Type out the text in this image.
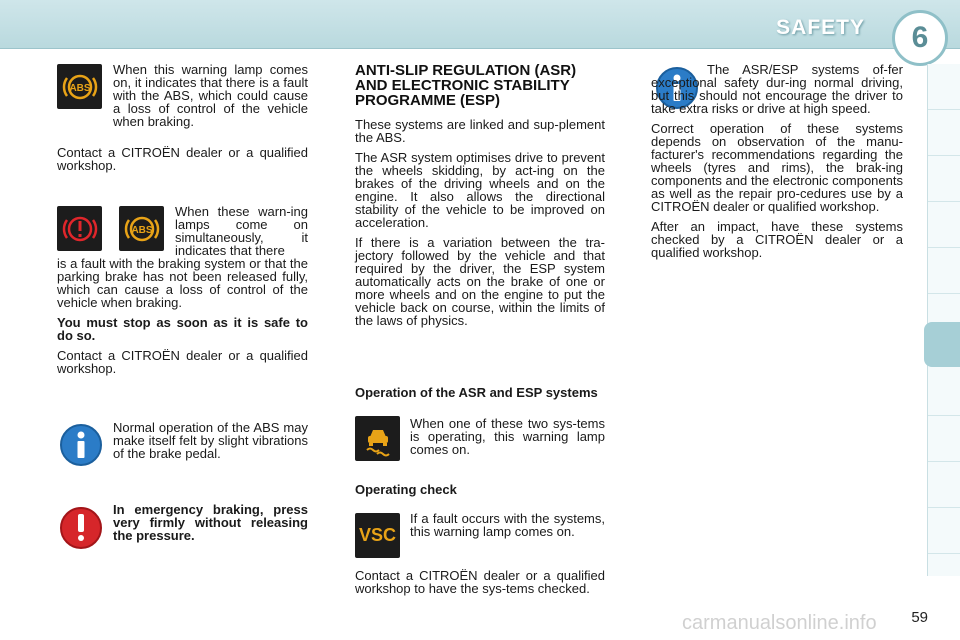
SAFETY	6
ABS

When this warning lamp comes on, it indicates that there is a fault with the ABS, which could cause a loss of control of the vehicle when braking.

Contact a CITROËN dealer or a qualified workshop.

ABS

When these warn-ing lamps come on simultaneously, it indicates that there

is a fault with the braking system or that the parking brake has not been released fully, which can cause a loss of control of the vehicle when braking.

You must stop as soon as it is safe to do so.

Contact a CITROËN dealer or a qualified workshop.

Normal operation of the ABS may make itself felt by slight vibrations of the brake pedal.

In emergency braking, press very firmly without releasing the pressure.

ANTI-SLIP REGULATION (ASR) AND ELECTRONIC STABILITY PROGRAMME (ESP)

These systems are linked and sup-plement the ABS.

The ASR system optimises drive to prevent the wheels skidding, by act-ing on the brakes of the driving wheels and on the engine. It also allows the directional stability of the vehicle to be improved on acceleration.

If there is a variation between the tra-jectory followed by the vehicle and that required by the driver, the ESP system automatically acts on the brake of one or more wheels and on the engine to put the vehicle back on course, within the limits of the laws of physics.

Operation of the ASR and ESP systems

When one of these two sys-tems is operating, this warning lamp comes on.

Operating check
VSC

If a fault occurs with the systems, this warning lamp comes on.

Contact a CITROËN dealer or a qualified workshop to have the sys-tems checked.

The ASR/ESP systems of-fer exceptional safety dur-ing normal driving, but this should not encourage the driver to take extra risks or drive at high speed.

Correct operation of these systems depends on observation of the manu-facturer's recommendations regarding the wheels (tyres and rims), the brak-ing components and the electronic components as well as the repair pro-cedures use by a CITROËN dealer or qualified workshop.

After an impact, have these systems checked by a CITROËN dealer or a qualified workshop.

carmanualsonline.info 59
